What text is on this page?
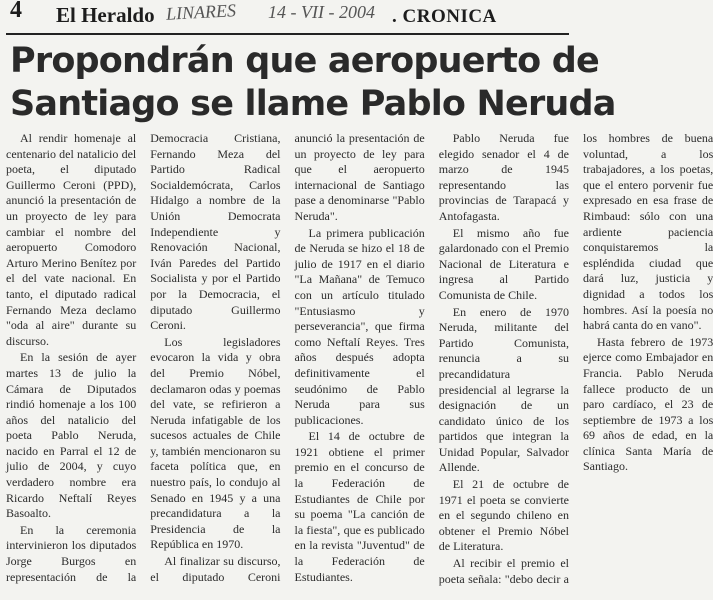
4 El Heraldo LINARES 14 - VII - 2004 . CRONICA
Propondrán que aeropuerto de
Santiago se llame Pablo Neruda

Al rendir homenaje al centenario del natalicio del poeta, el diputado Guillermo Ceroni (PPD), anunció la presentación de un proyecto de ley para cambiar el nombre del aeropuerto Comodoro Arturo Merino Benítez por el del vate nacional. En tanto, el diputado radical Fernando Meza declamo "oda al aire" durante su discurso.

En la sesión de ayer martes 13 de julio la Cámara de Diputados rindió homenaje a los 100 años del natalicio del poeta Pablo Neruda, nacido en Parral el 12 de julio de 2004, y cuyo verdadero nombre era Ricardo Neftalí Reyes Basoalto.

En la ceremonia intervinieron los diputados Jorge Burgos en representación de la Democracia Cristiana, Fernando Meza del Partido Radical Socialdemócrata, Carlos Hidalgo a nombre de la Unión Democrata Independiente y Renovación Nacional, Iván Paredes del Partido Socialista y por el Partido por la Democracia, el diputado Guillermo Ceroni.

Los legisladores evocaron la vida y obra del Premio Nóbel, declamaron odas y poemas del vate, se refirieron a Neruda infatigable de los sucesos actuales de Chile y, también mencionaron su faceta política que, en nuestro país, lo condujo al Senado en 1945 y a una precandidatura a la Presidencia de la República en 1970.

Al finalizar su discurso, el diputado Ceroni anunció la presentación de un proyecto de ley para que el aeropuerto internacional de Santiago pase a denominarse "Pablo Neruda".

La primera publicación de Neruda se hizo el 18 de julio de 1917 en el diario "La Mañana" de Temuco con un artículo titulado "Entusiasmo y perseverancia", que firma como Neftalí Reyes. Tres años después adopta definitivamente el seudónimo de Pablo Neruda para sus publicaciones.

El 14 de octubre de 1921 obtiene el primer premio en el concurso de la Federación de Estudiantes de Chile por su poema "La canción de la fiesta", que es publicado en la revista "Juventud" de la Federación de Estudiantes.

Pablo Neruda fue elegido senador el 4 de marzo de 1945 representando las provincias de Tarapacá y Antofagasta.

El mismo año fue galardonado con el Premio Nacional de Literatura e ingresa al Partido Comunista de Chile.

En enero de 1970 Neruda, militante del Partido Comunista, renuncia a su precandidatura presidencial al legrarse la designación de un candidato único de los partidos que integran la Unidad Popular, Salvador Allende.

El 21 de octubre de 1971 el poeta se convierte en el segundo chileno en obtener el Premio Nóbel de Literatura.

Al recibir el premio el poeta señala: "debo decir a los hombres de buena voluntad, a los trabajadores, a los poetas, que el entero porvenir fue expresado en esa frase de Rimbaud: sólo con una ardiente paciencia conquistaremos la espléndida ciudad que dará luz, justicia y dignidad a todos los hombres. Así la poesía no habrá canta do en vano".

Hasta febrero de 1973 ejerce como Embajador en Francia. Pablo Neruda fallece producto de un paro cardíaco, el 23 de septiembre de 1973 a los 69 años de edad, en la clínica Santa María de Santiago.
